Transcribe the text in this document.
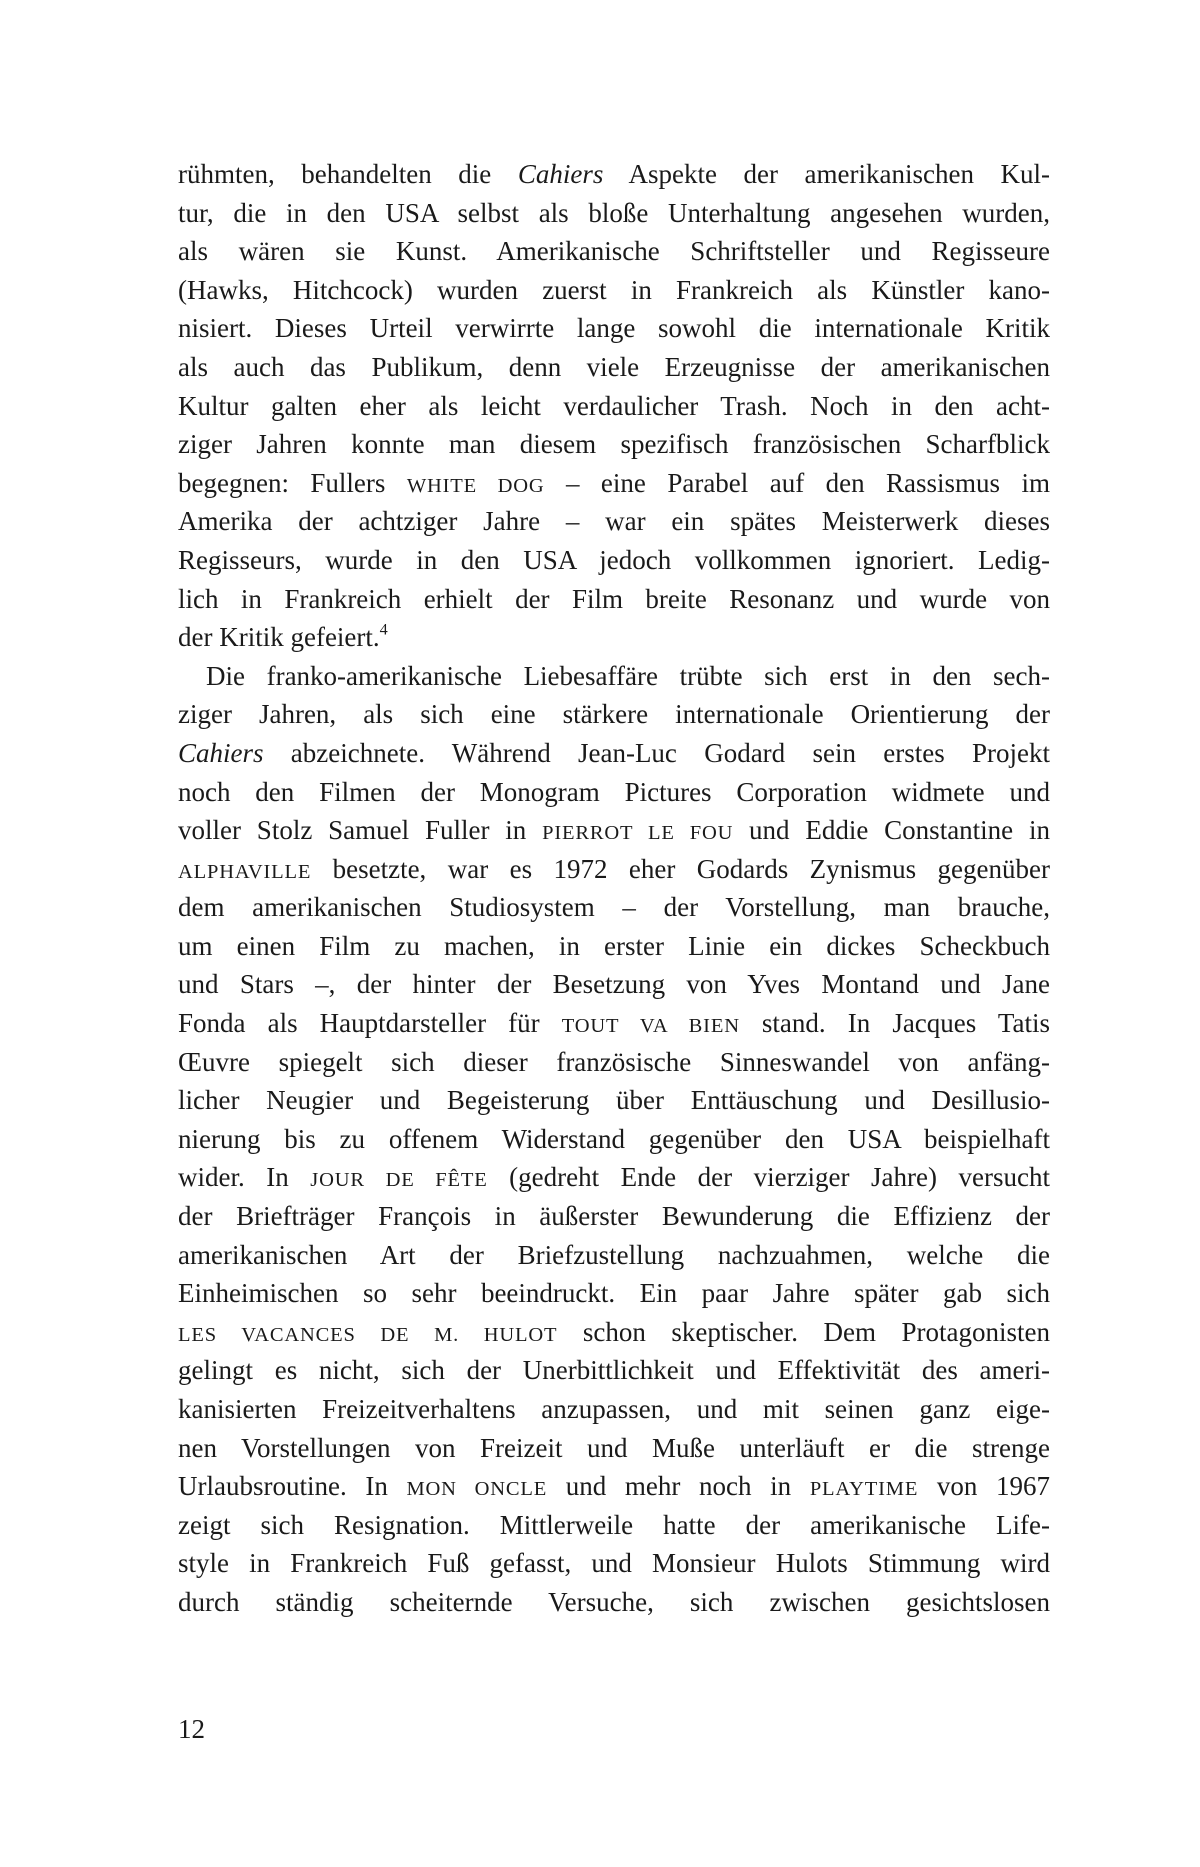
rühmten, behandelten die Cahiers Aspekte der amerikanischen Kul-
tur, die in den USA selbst als bloße Unterhaltung angesehen wurden,
als wären sie Kunst. Amerikanische Schriftsteller und Regisseure
(Hawks, Hitchcock) wurden zuerst in Frankreich als Künstler kano-
nisiert. Dieses Urteil verwirrte lange sowohl die internationale Kritik
als auch das Publikum, denn viele Erzeugnisse der amerikanischen
Kultur galten eher als leicht verdaulicher Trash. Noch in den acht-
ziger Jahren konnte man diesem spezifisch französischen Scharfblick
begegnen: Fullers WHITE DOG – eine Parabel auf den Rassismus im
Amerika der achtziger Jahre – war ein spätes Meisterwerk dieses
Regisseurs, wurde in den USA jedoch vollkommen ignoriert. Ledig-
lich in Frankreich erhielt der Film breite Resonanz und wurde von
der Kritik gefeiert.$^4$
Die franko-amerikanische Liebesaffäre trübte sich erst in den sech-
ziger Jahren, als sich eine stärkere internationale Orientierung der
Cahiers abzeichnete. Während Jean-Luc Godard sein erstes Projekt
noch den Filmen der Monogram Pictures Corporation widmete und
voller Stolz Samuel Fuller in PIERROT LE FOU und Eddie Constantine in
ALPHAVILLE besetzte, war es 1972 eher Godards Zynismus gegenüber
dem amerikanischen Studiosystem – der Vorstellung, man brauche,
um einen Film zu machen, in erster Linie ein dickes Scheckbuch
und Stars –, der hinter der Besetzung von Yves Montand und Jane
Fonda als Hauptdarsteller für TOUT VA BIEN stand. In Jacques Tatis
Œuvre spiegelt sich dieser französische Sinneswandel von anfäng-
licher Neugier und Begeisterung über Enttäuschung und Desillusio-
nierung bis zu offenem Widerstand gegenüber den USA beispielhaft
wider. In JOUR DE FÊTE (gedreht Ende der vierziger Jahre) versucht
der Briefträger François in äußerster Bewunderung die Effizienz der
amerikanischen Art der Briefzustellung nachzuahmen, welche die
Einheimischen so sehr beeindruckt. Ein paar Jahre später gab sich
LES VACANCES DE M. HULOT schon skeptischer. Dem Protagonisten
gelingt es nicht, sich der Unerbittlichkeit und Effektivität des ameri-
kanisierten Freizeitverhaltens anzupassen, und mit seinen ganz eige-
nen Vorstellungen von Freizeit und Muße unterläuft er die strenge
Urlaubsroutine. In MON ONCLE und mehr noch in PLAYTIME von 1967
zeigt sich Resignation. Mittlerweile hatte der amerikanische Life-
style in Frankreich Fuß gefasst, und Monsieur Hulots Stimmung wird
durch ständig scheiternde Versuche, sich zwischen gesichtslosen
12
